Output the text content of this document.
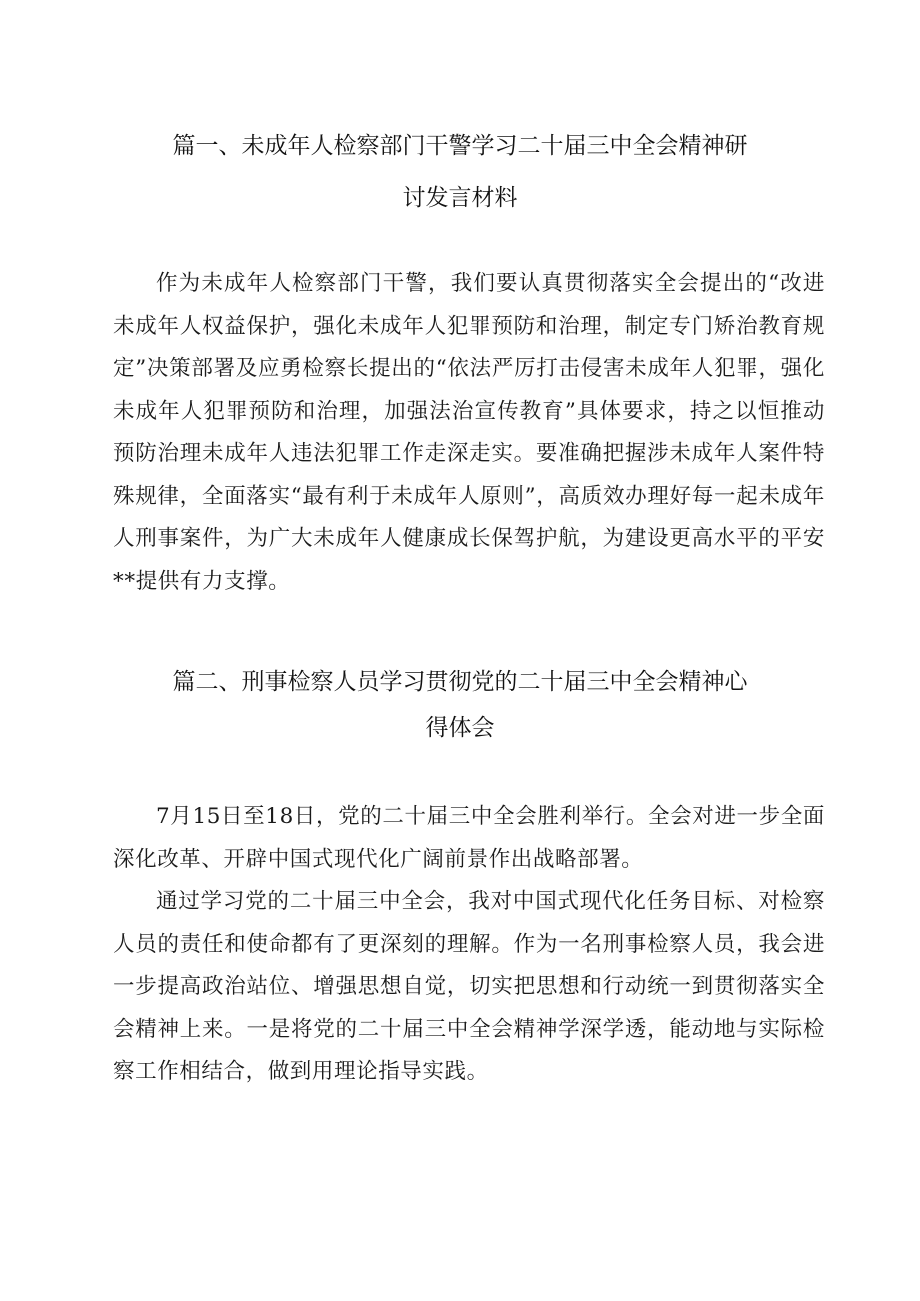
篇一、未成年人检察部门干警学习二十届三中全会精神研
讨发言材料

作为未成年人检察部门干警，我们要认真贯彻落实全会提出的“改进未成年人权益保护，强化未成年人犯罪预防和治理，制定专门矫治教育规定”决策部署及应勇检察长提出的“依法严厉打击侵害未成年人犯罪，强化未成年人犯罪预防和治理，加强法治宣传教育”具体要求，持之以恒推动预防治理未成年人违法犯罪工作走深走实。要准确把握涉未成年人案件特殊规律，全面落实“最有利于未成年人原则”，高质效办理好每一起未成年人刑事案件，为广大未成年人健康成长保驾护航，为建设更高水平的平安**提供有力支撑。

篇二、刑事检察人员学习贯彻党的二十届三中全会精神心
得体会

7月15日至18日，党的二十届三中全会胜利举行。全会对进一步全面深化改革、开辟中国式现代化广阔前景作出战略部署。

通过学习党的二十届三中全会，我对中国式现代化任务目标、对检察人员的责任和使命都有了更深刻的理解。作为一名刑事检察人员，我会进一步提高政治站位、增强思想自觉，切实把思想和行动统一到贯彻落实全会精神上来。一是将党的二十届三中全会精神学深学透，能动地与实际检察工作相结合，做到用理论指导实践。
